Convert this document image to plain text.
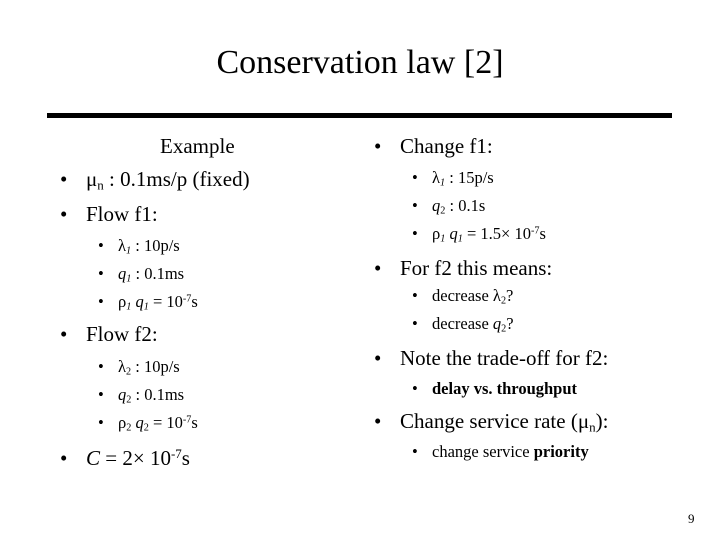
Conservation law [2]
Example
• $\mu_n$ : 0.1ms/p (fixed)
• Flow f1:
• $\lambda_1$ : 10p/s
• $q_1$ : 0.1ms
• $\rho_1$ $q_1 = 10^{-7}s$
• Flow f2:
• $\lambda_2$ : 10p/s
• $q_2$ : 0.1ms
• $\rho_2$ $q_2 = 10^{-7}s$
• $C = 2\times 10^{-7}s$
• Change f1:
• $\lambda_1$ : 15p/s
• $q_2$ : 0.1s
• $\rho_1$ $q_1 = 1.5\times 10^{-7}s$
• For f2 this means:
• decrease $\lambda_2$?
• decrease $q_2$?
• Note the trade-off for f2:
• delay vs. throughput
• Change service rate $(\mu_n)$:
• change service priority
9
